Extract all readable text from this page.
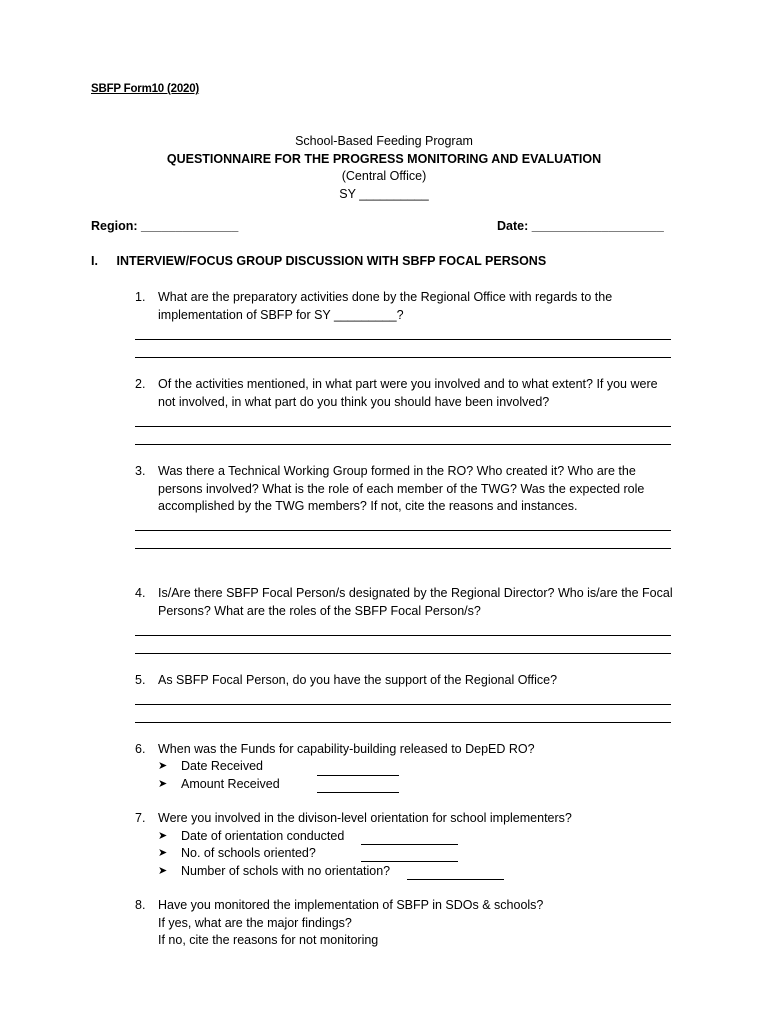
SBFP Form10 (2020)
School-Based Feeding Program
QUESTIONNAIRE FOR THE PROGRESS MONITORING AND EVALUATION
(Central Office)
SY __________
Region: ______________	Date: ___________________
I. INTERVIEW/FOCUS GROUP DISCUSSION WITH SBFP FOCAL PERSONS
1. What are the preparatory activities done by the Regional Office with regards to the
implementation of SBFP for SY _________?
2. Of the activities mentioned, in what part were you involved and to what extent? If you were
not involved, in what part do you think you should have been involved?
3. Was there a Technical Working Group formed in the RO? Who created it? Who are the
persons involved? What is the role of each member of the TWG? Was the expected role
accomplished by the TWG members? If not, cite the reasons and instances.
4. Is/Are there SBFP Focal Person/s designated by the Regional Director? Who is/are the Focal
Persons? What are the roles of the SBFP Focal Person/s?
5. As SBFP Focal Person, do you have the support of the Regional Office?
6. When was the Funds for capability-building released to DepED RO?
➤ Date Received
➤ Amount Received
7. Were you involved in the divison-level orientation for school implementers?
➤ Date of orientation conducted
➤ No. of schools oriented?
➤ Number of schols with no orientation?
8. Have you monitored the implementation of SBFP in SDOs & schools?
If yes, what are the major findings?
If no, cite the reasons for not monitoring
